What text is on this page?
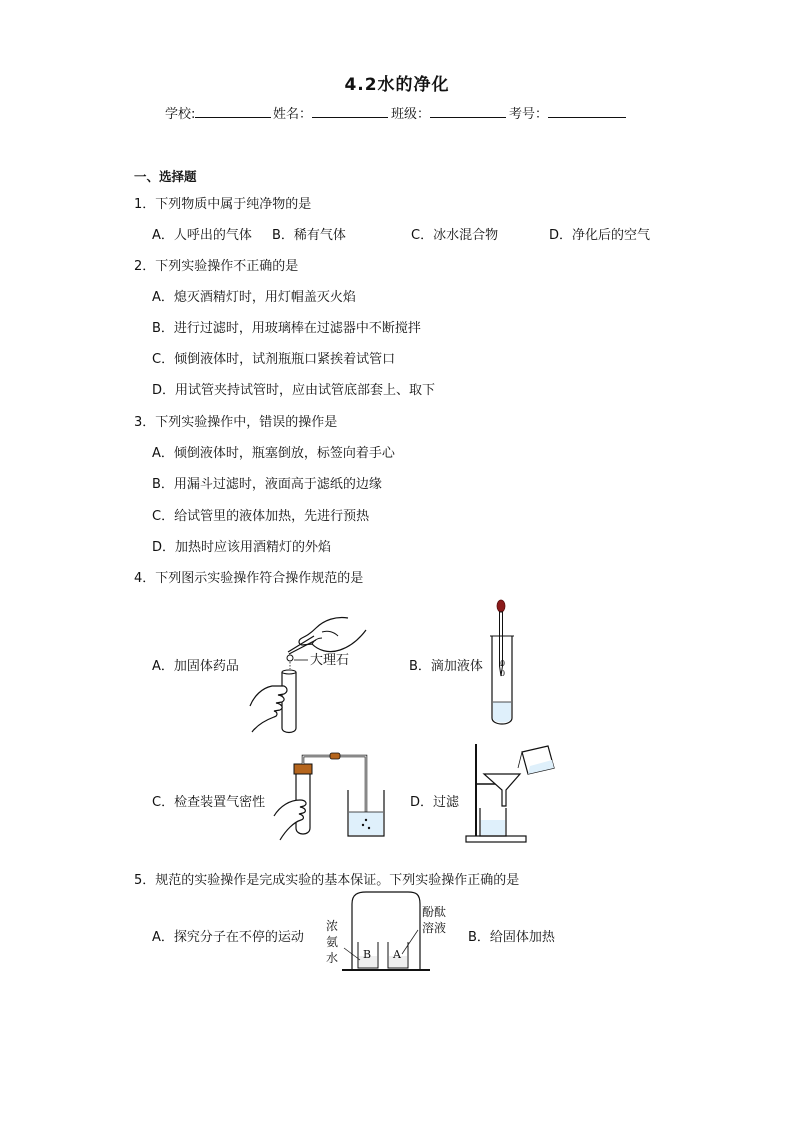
4.2水的净化
学校:	姓名：	班级：	考号：
一、选择题
1．下列物质中属于纯净物的是
A．人呼出的气体 B．稀有气体	C．冰水混合物	D．净化后的空气
2．下列实验操作不正确的是
A．熄灭酒精灯时，用灯帽盖灭火焰
B．进行过滤时，用玻璃棒在过滤器中不断搅拌
C．倾倒液体时，试剂瓶瓶口紧挨着试管口
D．用试管夹持试管时，应由试管底部套上、取下
3．下列实验操作中，错误的操作是
A．倾倒液体时，瓶塞倒放，标签向着手心
B．用漏斗过滤时，液面高于滤纸的边缘
C．给试管里的液体加热，先进行预热
D．加热时应该用酒精灯的外焰
4．下列图示实验操作符合操作规范的是
A．加固体药品	B．滴加液体
C．检查装置气密性	D．过滤
大理石	0
0
5．规范的实验操作是完成实验的基本保证。下列实验操作正确的是
A．探究分子在不停的运动	B．给固体加热
B A
浓
氨
水
酚酞
溶液
